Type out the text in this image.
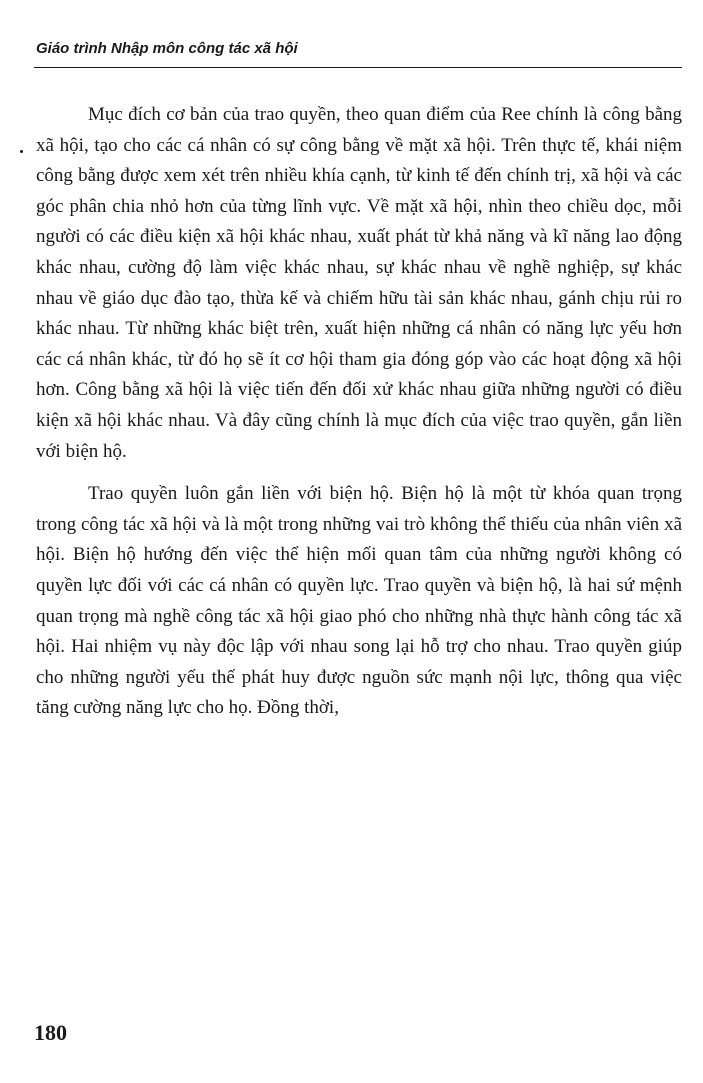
Giáo trình Nhập môn công tác xã hội

Mục đích cơ bản của trao quyền, theo quan điểm của Ree chính là công bằng xã hội, tạo cho các cá nhân có sự công bằng về mặt xã hội. Trên thực tế, khái niệm công bằng được xem xét trên nhiều khía cạnh, từ kinh tế đến chính trị, xã hội và các góc phân chia nhỏ hơn của từng lĩnh vực. Về mặt xã hội, nhìn theo chiều dọc, mỗi người có các điều kiện xã hội khác nhau, xuất phát từ khả năng và kĩ năng lao động khác nhau, cường độ làm việc khác nhau, sự khác nhau về nghề nghiệp, sự khác nhau về giáo dục đào tạo, thừa kế và chiếm hữu tài sản khác nhau, gánh chịu rủi ro khác nhau. Từ những khác biệt trên, xuất hiện những cá nhân có năng lực yếu hơn các cá nhân khác, từ đó họ sẽ ít cơ hội tham gia đóng góp vào các hoạt động xã hội hơn. Công bằng xã hội là việc tiến đến đối xử khác nhau giữa những người có điều kiện xã hội khác nhau. Và đây cũng chính là mục đích của việc trao quyền, gắn liền với biện hộ.

Trao quyền luôn gắn liền với biện hộ. Biện hộ là một từ khóa quan trọng trong công tác xã hội và là một trong những vai trò không thể thiếu của nhân viên xã hội. Biện hộ hướng đến việc thể hiện mối quan tâm của những người không có quyền lực đối với các cá nhân có quyền lực. Trao quyền và biện hộ, là hai sứ mệnh quan trọng mà nghề công tác xã hội giao phó cho những nhà thực hành công tác xã hội. Hai nhiệm vụ này độc lập với nhau song lại hỗ trợ cho nhau. Trao quyền giúp cho những người yếu thế phát huy được nguồn sức mạnh nội lực, thông qua việc tăng cường năng lực cho họ. Đồng thời,

180
